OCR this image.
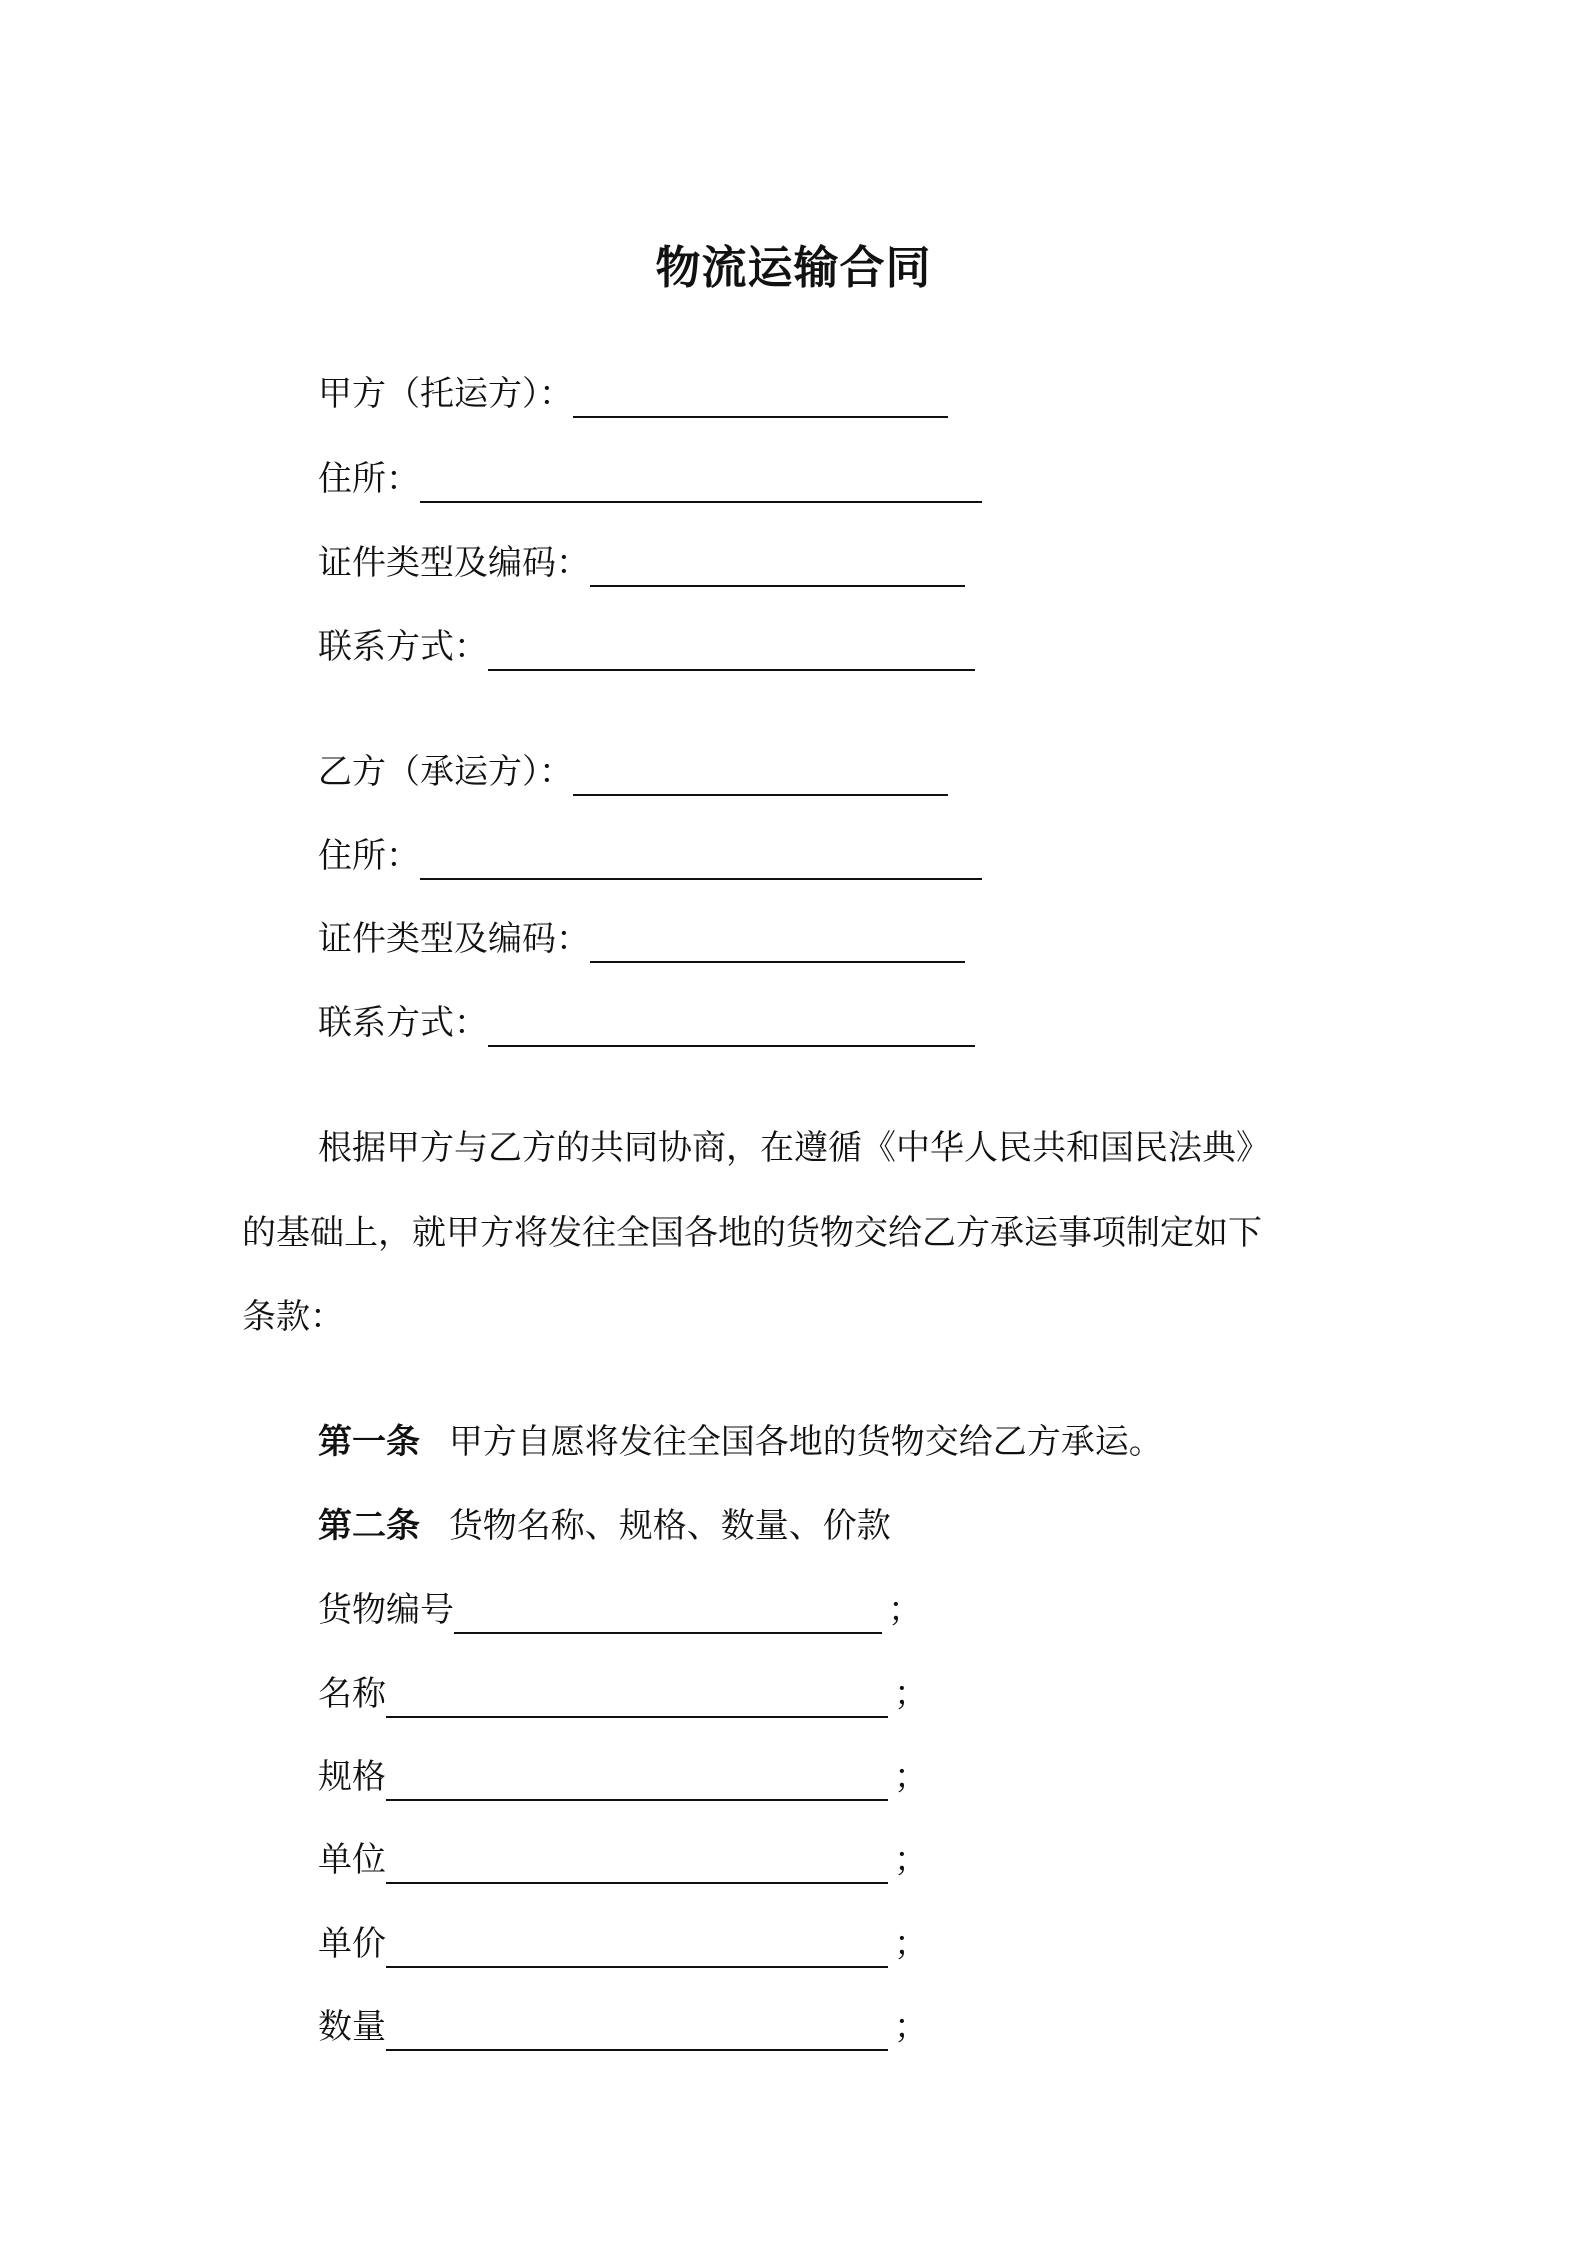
物流运输合同
甲方（托运方）：
住所：
证件类型及编码：
联系方式：
乙方（承运方）：
住所：
证件类型及编码：
联系方式：
根据甲方与乙方的共同协商，在遵循《中华人民共和国民法典》
的基础上，就甲方将发往全国各地的货物交给乙方承运事项制定如下
条款：
第一条 甲方自愿将发往全国各地的货物交给乙方承运。
第二条 货物名称、规格、数量、价款
货物编号	；
名称	；
规格	；
单位	；
单价	；
数量	；
